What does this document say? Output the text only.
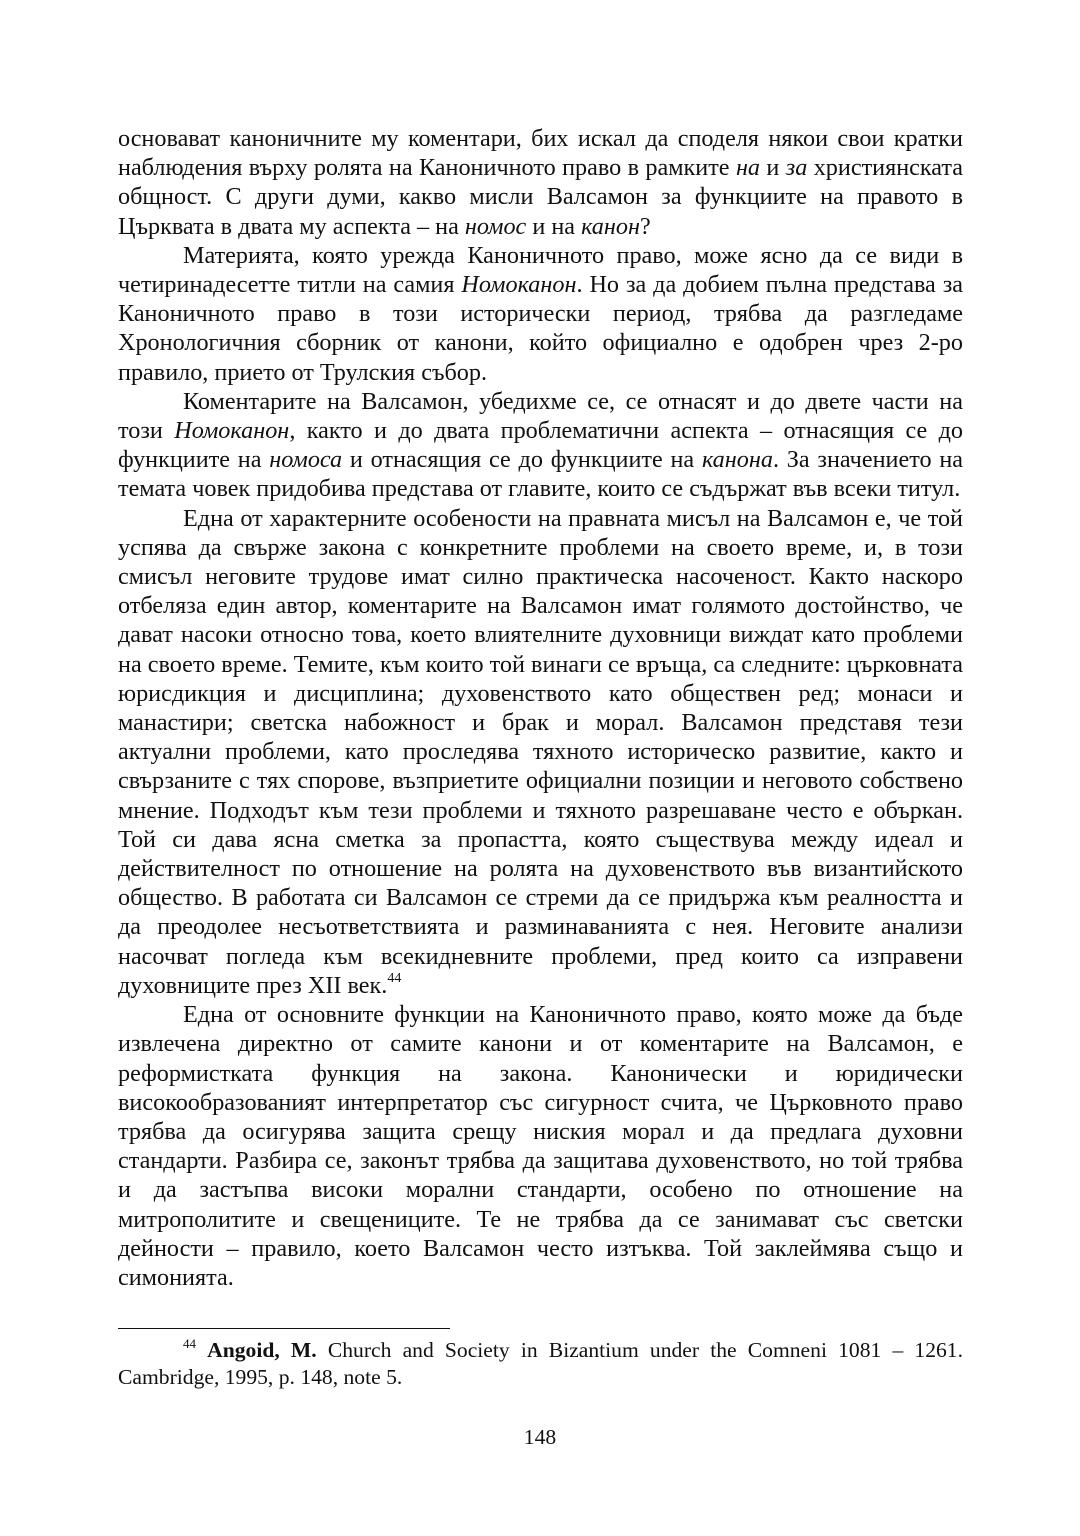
основават каноничните му коментари, бих искал да споделя някои свои кратки наблюдения върху ролята на Каноничното право в рамките на и за християнската общност. С други думи, какво мисли Валсамон за функциите на правото в Църквата в двата му аспекта – на номос и на канон?

Материята, която урежда Каноничното право, може ясно да се види в четиринадесетте титли на самия Номоканон. Но за да добием пълна представа за Каноничното право в този исторически период, трябва да разгледаме Хронологичния сборник от канони, който официално е одобрен чрез 2-ро правило, прието от Трулския събор.

Коментарите на Валсамон, убедихме се, се отнасят и до двете части на този Номоканон, както и до двата проблематични аспекта – отнасящия се до функциите на номоса и отнасящия се до функциите на канона. За значението на темата човек придобива представа от главите, които се съдържат във всеки титул.

Една от характерните особености на правната мисъл на Валсамон е, че той успява да свърже закона с конкретните проблеми на своето време, и, в този смисъл неговите трудове имат силно практическа насоченост. Както наскоро отбеляза един автор, коментарите на Валсамон имат голямото достойнство, че дават насоки относно това, което влиятелните духовници виждат като проблеми на своето време. Темите, към които той винаги се връща, са следните: църковната юрисдикция и дисциплина; духовенството като обществен ред; монаси и манастири; светска набожност и брак и морал. Валсамон представя тези актуални проблеми, като проследява тяхното историческо развитие, както и свързаните с тях спорове, възприетите официални позиции и неговото собствено мнение. Подходът към тези проблеми и тяхното разрешаване често е объркан. Той си дава ясна сметка за пропастта, която съществува между идеал и действителност по отношение на ролята на духовенството във византийското общество. В работата си Валсамон се стреми да се придържа към реалността и да преодолее несъответствията и разминаванията с нея. Неговите анализи насочват погледа към всекидневните проблеми, пред които са изправени духовниците през XII век.$^{44}$

Една от основните функции на Каноничното право, която може да бъде извлечена директно от самите канони и от коментарите на Валсамон, е реформистката функция на закона. Канонически и юридически високообразованият интерпретатор със сигурност счита, че Църковното право трябва да осигурява защита срещу ниския морал и да предлага духовни стандарти. Разбира се, законът трябва да защитава духовенството, но той трябва и да застъпва високи морални стандарти, особено по отношение на митрополитите и свещениците. Те не трябва да се занимават със светски дейности – правило, което Валсамон често изтъква. Той заклеймява също и симонията.

$^{44}$ Angoid, M. Church and Society in Bizantium under the Comneni 1081 – 1261. Cambridge, 1995, p. 148, note 5.

148
